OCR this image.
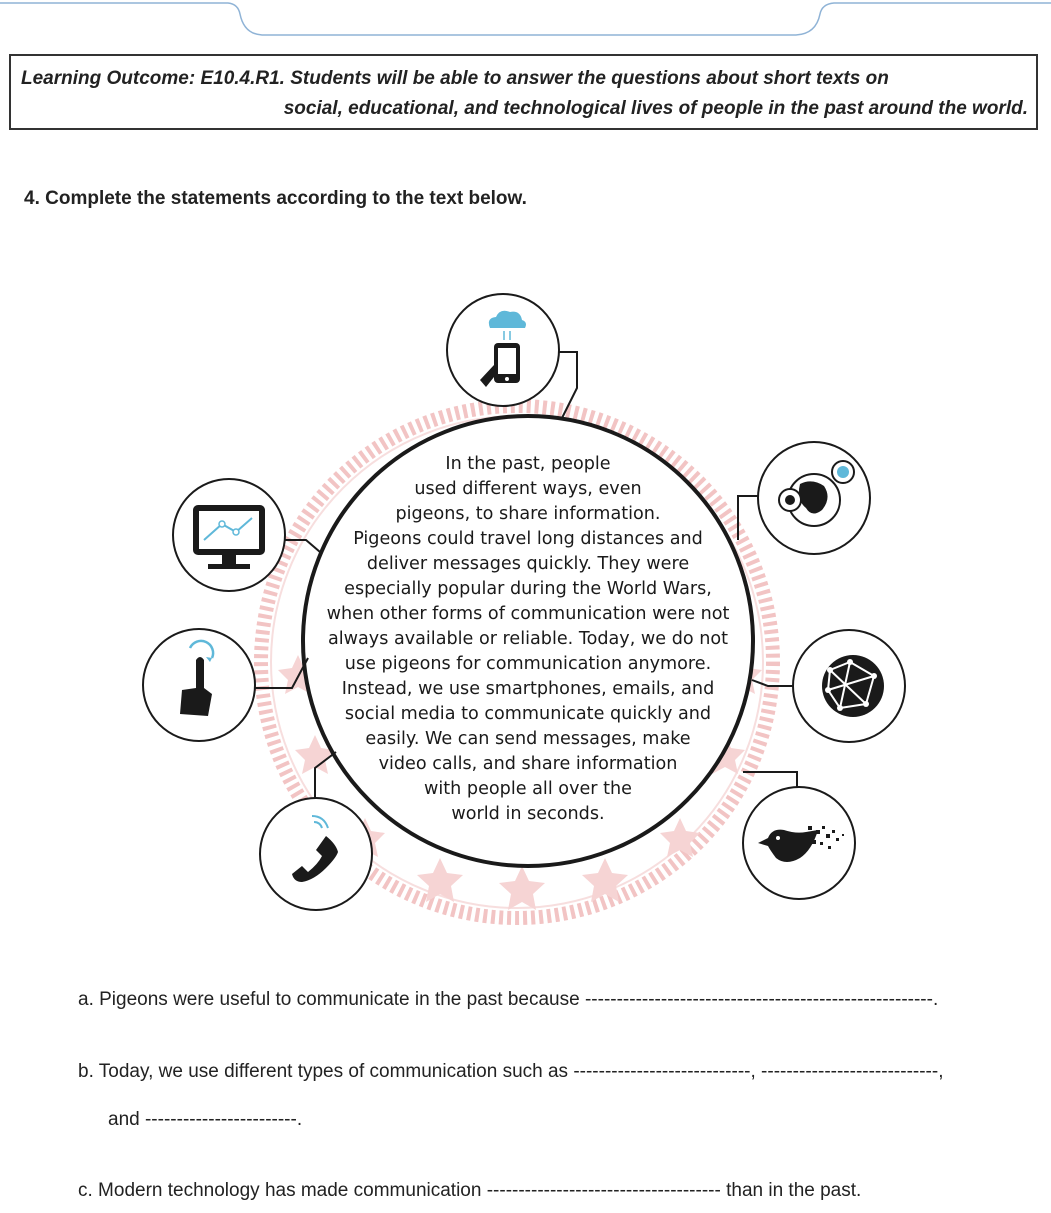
Learning Outcome: E10.4.R1. Students will be able to answer the questions about short texts on
social, educational, and technological lives of people in the past around the world.
4. Complete the statements according to the text below.
In the past, people
used different ways, even
pigeons, to share information.
Pigeons could travel long distances and
deliver messages quickly. They were
especially popular during the World Wars,
when other forms of communication were not
always available or reliable. Today, we do not
use pigeons for communication anymore.
Instead, we use smartphones, emails, and
social media to communicate quickly and
easily. We can send messages, make
video calls, and share information
with people all over the
world in seconds.
a. Pigeons were useful to communicate in the past because -------------------------------------------------------.
b. Today, we use different types of communication such as ----------------------------, ----------------------------,
and ------------------------.
c. Modern technology has made communication ------------------------------------- than in the past.
